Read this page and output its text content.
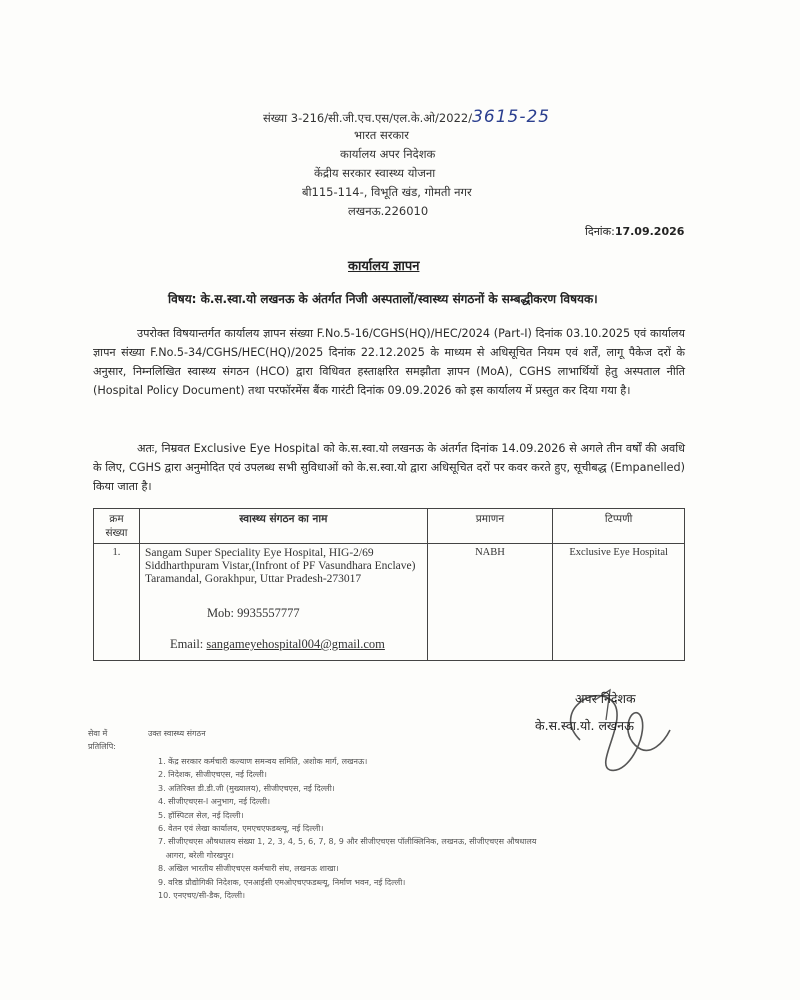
संख्या 3-216/सी.जी.एच.एस/एल.के.ओ/2022/3615-25
भारत सरकार
कार्यालय अपर निदेशक
केंद्रीय सरकार स्वास्थ्य योजना
बी115-114-, विभूति खंड, गोमती नगर
लखनऊ.226010
दिनांक:17.09.2026
कार्यालय ज्ञापन
विषय: के.स.स्वा.यो लखनऊ के अंतर्गत निजी अस्पतालों/स्वास्थ्य संगठनों के सम्बद्धीकरण विषयक।
उपरोक्त विषयान्तर्गत कार्यालय ज्ञापन संख्या F.No.5-16/CGHS(HQ)/HEC/2024 (Part-I) दिनांक 03.10.2025 एवं कार्यालय ज्ञापन संख्या F.No.5-34/CGHS/HEC(HQ)/2025 दिनांक 22.12.2025 के माध्यम से अधिसूचित नियम एवं शर्तें, लागू पैकेज दरों के अनुसार, निम्नलिखित स्वास्थ्य संगठन (HCO) द्वारा विधिवत हस्ताक्षरित समझौता ज्ञापन (MoA), CGHS लाभार्थियों हेतु अस्पताल नीति (Hospital Policy Document) तथा परफॉरमेंस बैंक गारंटी दिनांक 09.09.2026 को इस कार्यालय में प्रस्तुत कर दिया गया है।
अतः, निम्रवत Exclusive Eye Hospital को के.स.स्वा.यो लखनऊ के अंतर्गत दिनांक 14.09.2026 से अगले तीन वर्षों की अवधि के लिए, CGHS द्वारा अनुमोदित एवं उपलब्ध सभी सुविधाओं को के.स.स्वा.यो द्वारा अधिसूचित दरों पर कवर करते हुए, सूचीबद्ध (Empanelled) किया जाता है।
क्रम संख्या	स्वास्थ्य संगठन का नाम	प्रमाणन	टिप्पणी
1.	Sangam Super Speciality Eye Hospital, HIG-2/69
Siddharthpuram Vistar,(Infront of PF Vasundhara Enclave)
Taramandal, Gorakhpur, Uttar Pradesh-273017
Mob: 9935557777
Email: sangameyehospital004@gmail.com	NABH	Exclusive Eye Hospital
अपर निदेशक
के.स.स्वा.यो. लखनऊ
सेवा में
प्रतिलिपि:
उक्त स्वास्थ्य संगठन
1. केंद्र सरकार कर्मचारी कल्याण समन्वय समिति, अशोक मार्ग, लखनऊ।
2. निदेशक, सीजीएचएस, नई दिल्ली।
3. अतिरिक्त डी.डी.जी (मुख्यालय), सीजीएचएस, नई दिल्ली।
4. सीजीएचएस-I अनुभाग, नई दिल्ली।
5. हॉस्पिटल सेल, नई दिल्ली।
6. वेतन एवं लेखा कार्यालय, एमएचएफडब्ल्यू, नई दिल्ली।
7. सीजीएचएस औषधालय संख्या 1, 2, 3, 4, 5, 6, 7, 8, 9 और सीजीएचएस पॉलीक्लिनिक, लखनऊ, सीजीएचएस औषधालय
आगरा, बरेली गोरखपुर।
8. अखिल भारतीय सीजीएचएस कर्मचारी संघ, लखनऊ शाखा।
9. वरिष्ठ प्रौद्योगिकी निदेशक, एनआईसी एमओएचएफडब्ल्यू, निर्माण भवन, नई दिल्ली।
10. एनएचए/सी-डैक, दिल्ली।
